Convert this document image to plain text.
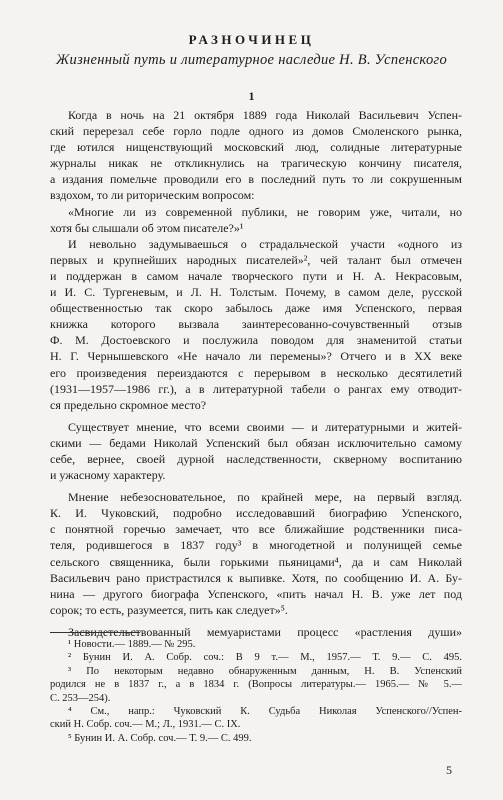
РАЗНОЧИНЕЦ
Жизненный путь и литературное наследие Н. В. Успенского
1
Когда в ночь на 21 октября 1889 года Николай Васильевич Успен-
ский перерезал себе горло подле одного из домов Смоленского рынка,
где ютился нищенствующий московский люд, солидные литературные
журналы никак не откликнулись на трагическую кончину писателя,
а издания помельче проводили его в последний путь то ли сокрушенным
вздохом, то ли риторическим вопросом:
«Многие ли из современной публики, не говорим уже, читали, но
хотя бы слышали об этом писателе?»¹
И невольно задумываешься о страдальческой участи «одного из
первых и крупнейших народных писателей»², чей талант был отмечен
и поддержан в самом начале творческого пути и Н. А. Некрасовым,
и И. С. Тургеневым, и Л. Н. Толстым. Почему, в самом деле, русской
общественностью так скоро забылось даже имя Успенского, первая
книжка которого вызвала заинтересованно-сочувственный отзыв
Ф. М. Достоевского и послужила поводом для знаменитой статьи
Н. Г. Чернышевского «Не начало ли перемены»? Отчего и в XX веке
его произведения переиздаются с перерывом в несколько десятилетий
(1931—1957—1986 гг.), а в литературной табели о рангах ему отводит-
ся предельно скромное место?
Существует мнение, что всеми своими — и литературными и житей-
скими — бедами Николай Успенский был обязан исключительно самому
себе, вернее, своей дурной наследственности, скверному воспитанию
и ужасному характеру.
Мнение небезосновательное, по крайней мере, на первый взгляд.
К. И. Чуковский, подробно исследовавший биографию Успенского,
с понятной горечью замечает, что все ближайшие родственники писа-
теля, родившегося в 1837 году³ в многодетной и полунищей семье
сельского священника, были горькими пьяницами⁴, да и сам Николай
Васильевич рано пристрастился к выпивке. Хотя, по сообщению И. А. Бу-
нина — другого биографа Успенского, «пить начал Н. В. уже лет под
сорок; то есть, разумеется, пить как следует»⁵.
Засвидетельствованный мемуаристами процесс «растления души»
¹ Новости.— 1889.— № 295.
² Бунин И. А. Собр. соч.: В 9 т.— М., 1957.— Т. 9.— С. 495.
³ По некоторым недавно обнаруженным данным, Н. В. Успенский
родился не в 1837 г., а в 1834 г. (Вопросы литературы.— 1965.— № 5.—
С. 253—254).
⁴ См., напр.: Чуковский К. Судьба Николая Успенского//Успен-
ский Н. Собр. соч.— М.; Л., 1931.— С. IX.
⁵ Бунин И. А. Собр. соч.— Т. 9.— С. 499.
5
